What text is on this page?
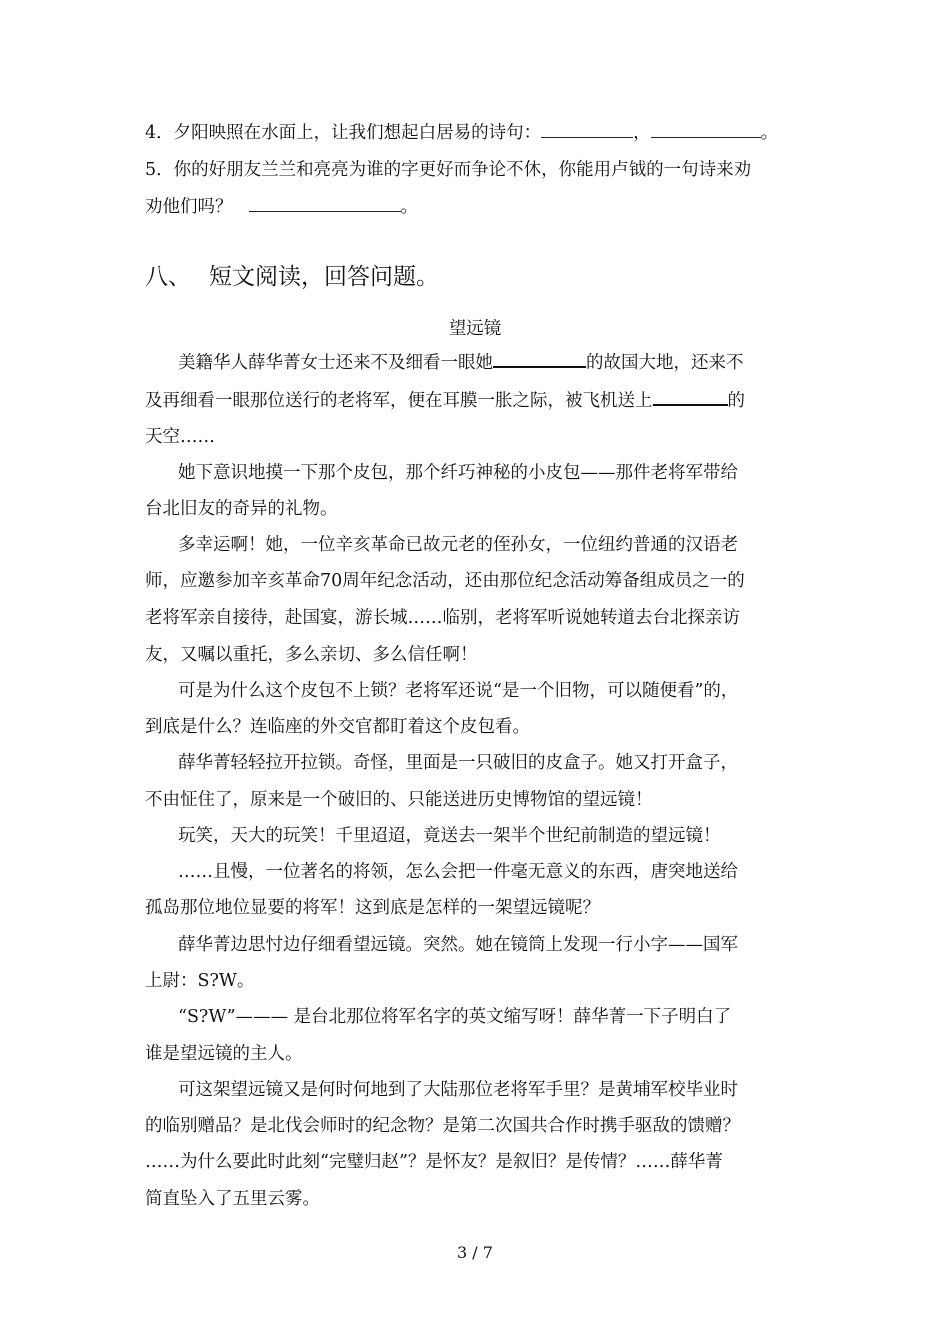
4．夕阳映照在水面上，让我们想起白居易的诗句：	，	。
5．你的好朋友兰兰和亮亮为谁的字更好而争论不休，你能用卢钺的一句诗来劝
劝他们吗？	。
八、 短文阅读，回答问题。
望远镜
美籍华人薛华菁女士还来不及细看一眼她	的故国大地，还来不
及再细看一眼那位送行的老将军，便在耳膜一胀之际，被飞机送上	的
天空……
她下意识地摸一下那个皮包，那个纤巧神秘的小皮包——那件老将军带给
台北旧友的奇异的礼物。
多幸运啊！她，一位辛亥革命已故元老的侄孙女，一位纽约普通的汉语老
师，应邀参加辛亥革命70周年纪念活动，还由那位纪念活动筹备组成员之一的
老将军亲自接待，赴国宴，游长城……临别，老将军听说她转道去台北探亲访
友，又嘱以重托，多么亲切、多么信任啊！
可是为什么这个皮包不上锁？老将军还说“是一个旧物，可以随便看”的，
到底是什么？连临座的外交官都盯着这个皮包看。
薛华菁轻轻拉开拉锁。奇怪，里面是一只破旧的皮盒子。她又打开盒子，
不由怔住了，原来是一个破旧的、只能送进历史博物馆的望远镜！
玩笑，天大的玩笑！千里迢迢，竟送去一架半个世纪前制造的望远镜！
……且慢，一位著名的将领，怎么会把一件毫无意义的东西，唐突地送给
孤岛那位地位显要的将军！这到底是怎样的一架望远镜呢？
薛华菁边思忖边仔细看望远镜。突然。她在镜筒上发现一行小字——国军
上尉：S?W。
“S?W”——— 是台北那位将军名字的英文缩写呀！薛华菁一下子明白了
谁是望远镜的主人。
可这架望远镜又是何时何地到了大陆那位老将军手里？是黄埔军校毕业时
的临别赠品？是北伐会师时的纪念物？是第二次国共合作时携手驱敌的馈赠？
……为什么要此时此刻“完璧归赵”？是怀友？是叙旧？是传情？……薛华菁
简直坠入了五里云雾。
3 / 7
